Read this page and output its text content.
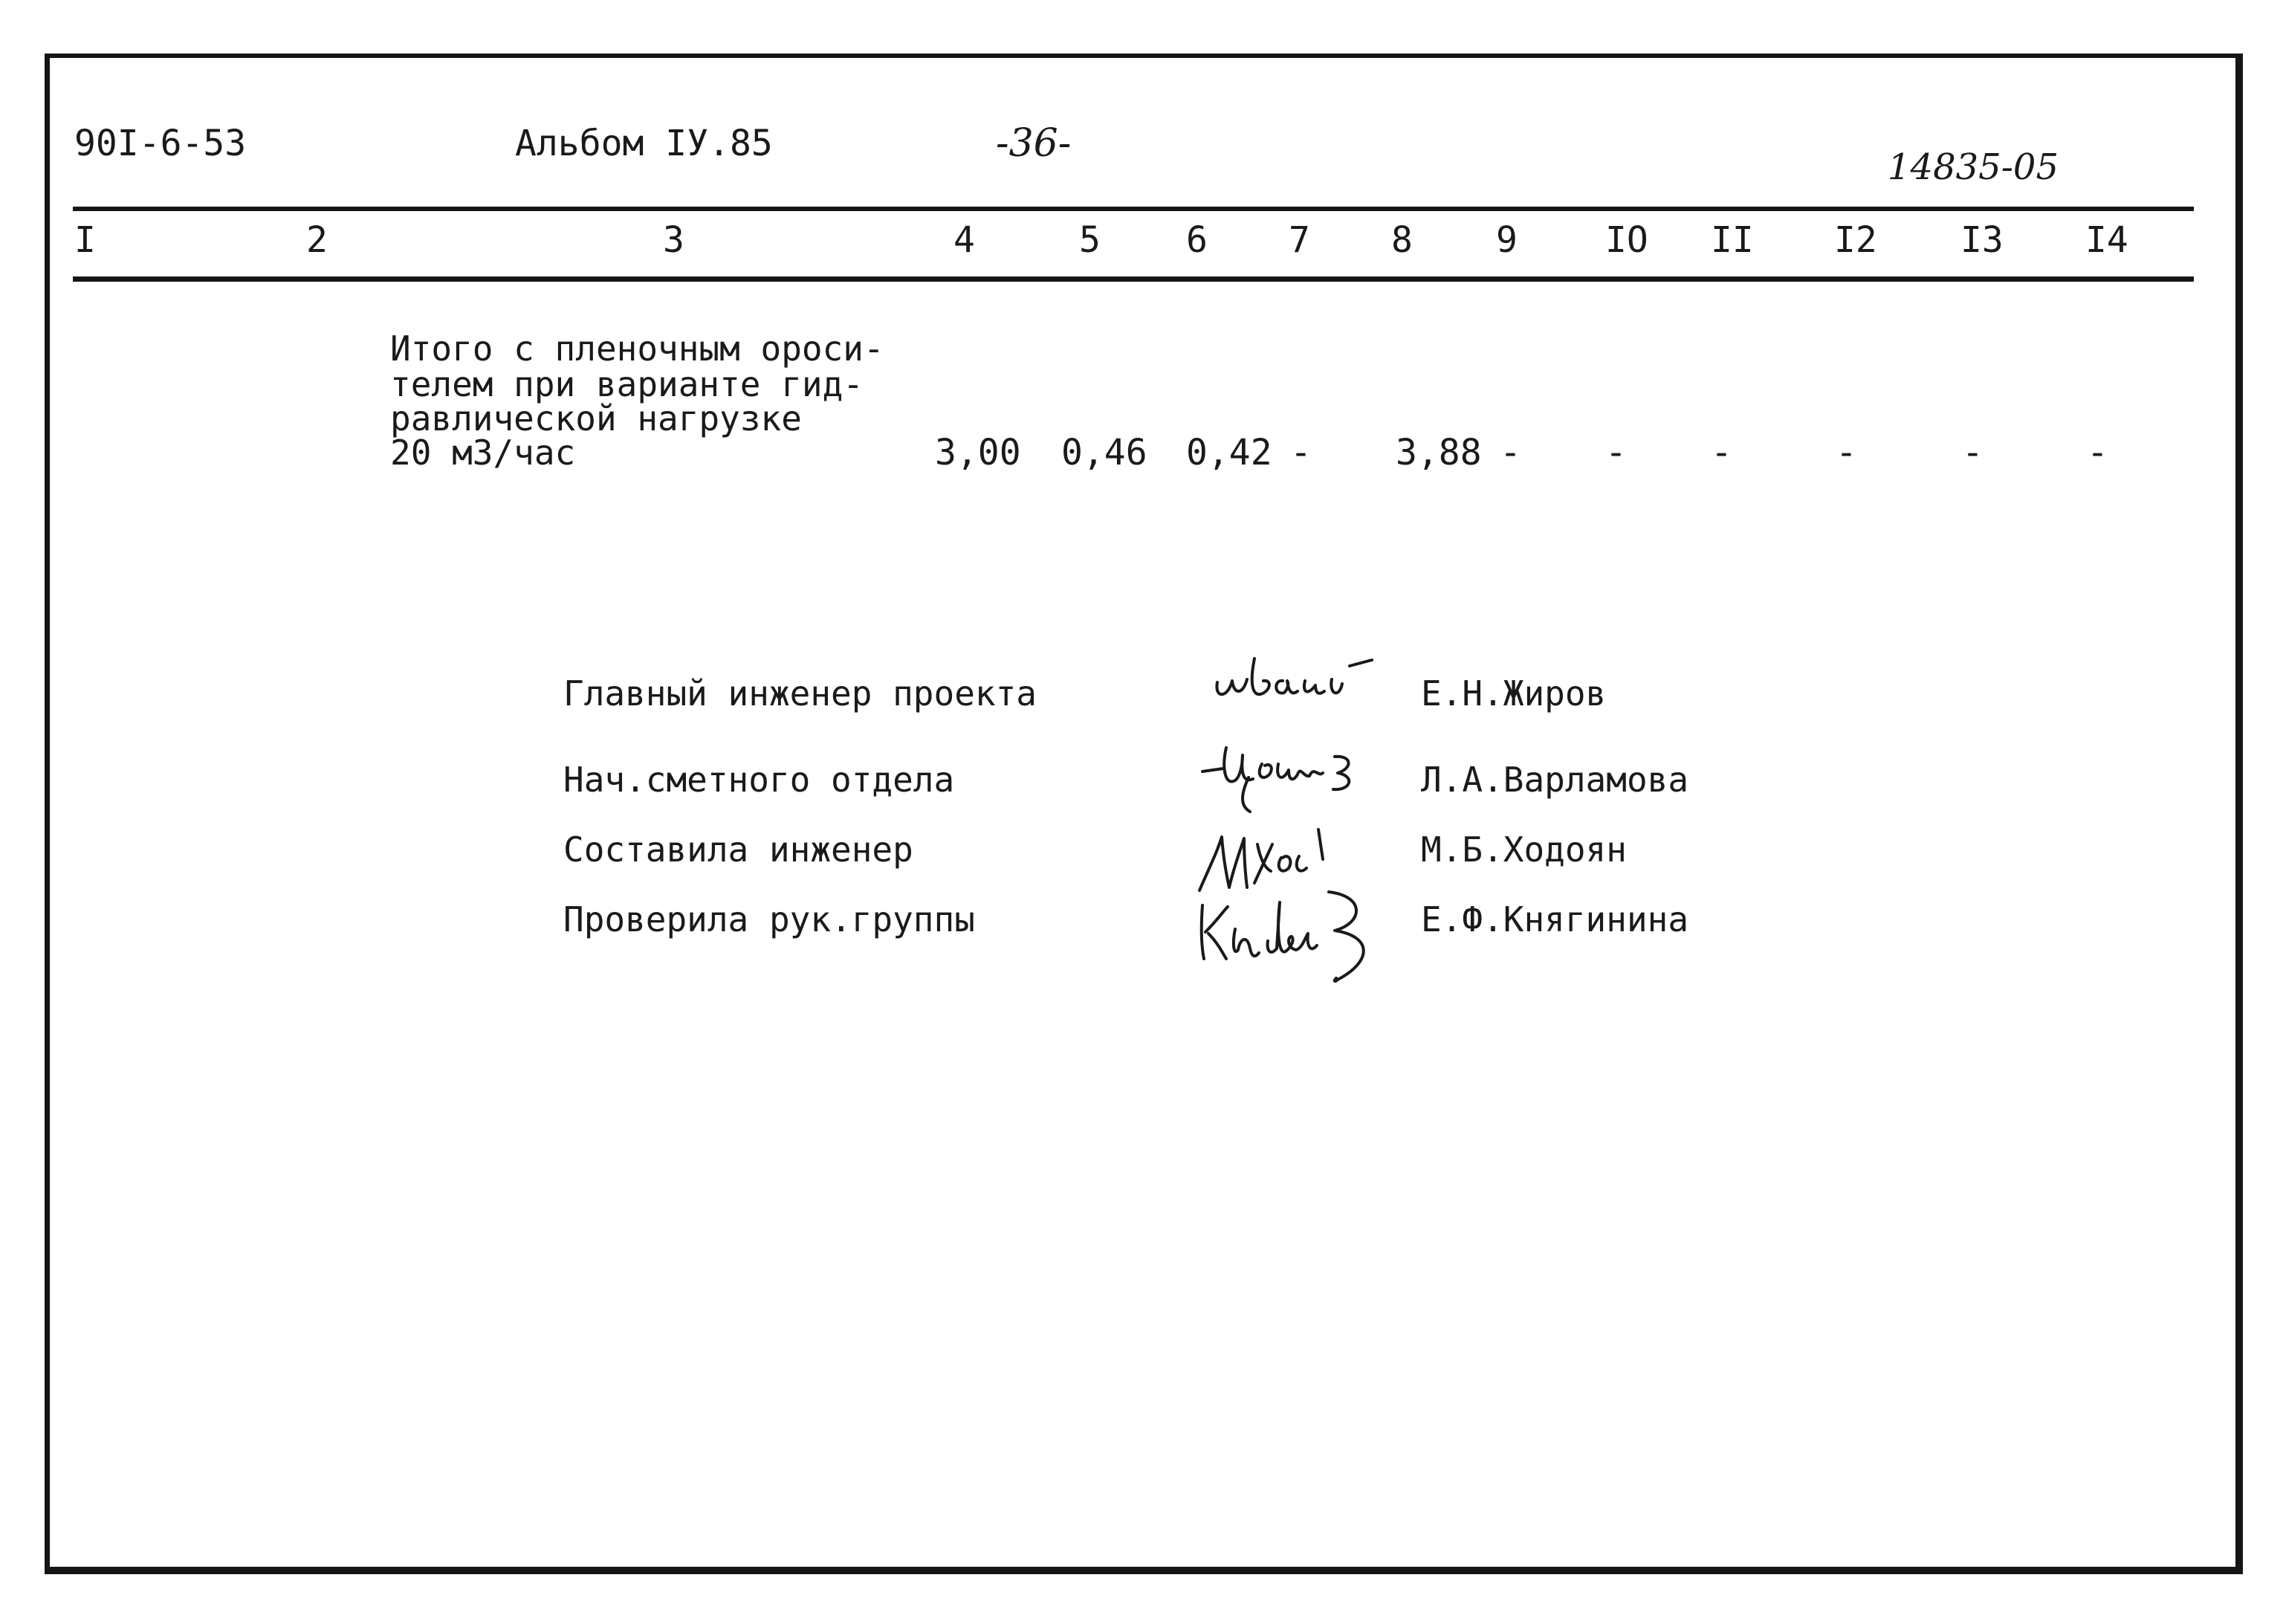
90I-6-53	Альбом IУ.85	-36-
14835-05
I	2	3	4	5 6 7 8 9 IO II I2 I3 I4
Итого с пленочным ороси-
телем при варианте гид-
равлической нагрузке
20 м3/час	3,00 0,46 0,42 - 3,88 - - -	-	-	-
Главный инженер проекта	Е.Н.Жиров
Нач.сметного отдела	Л.А.Варламова
Составила инженер	М.Б.Ходоян
Проверила рук.группы	Е.Ф.Княгинина
